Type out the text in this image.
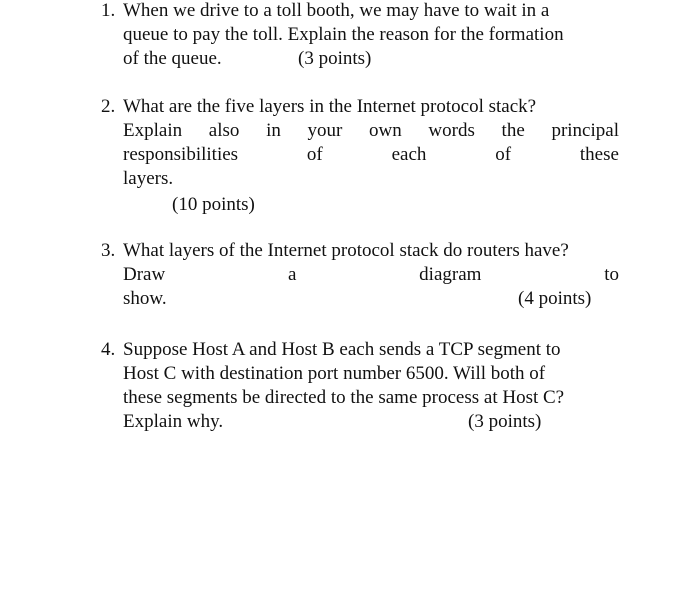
1. When we drive to a toll booth, we may have to wait in a
queue to pay the toll. Explain the reason for the formation
of the queue.	(3 points)
2. What are the five layers in the Internet protocol stack?
Explain also in your own words the principal
responsibilities	of	each	of	these
layers.
(10 points)
3. What layers of the Internet protocol stack do routers have?
Draw	a	diagram	to
show.	(4 points)
4. Suppose Host A and Host B each sends a TCP segment to
Host C with destination port number 6500. Will both of
these segments be directed to the same process at Host C?
Explain why.	(3 points)
